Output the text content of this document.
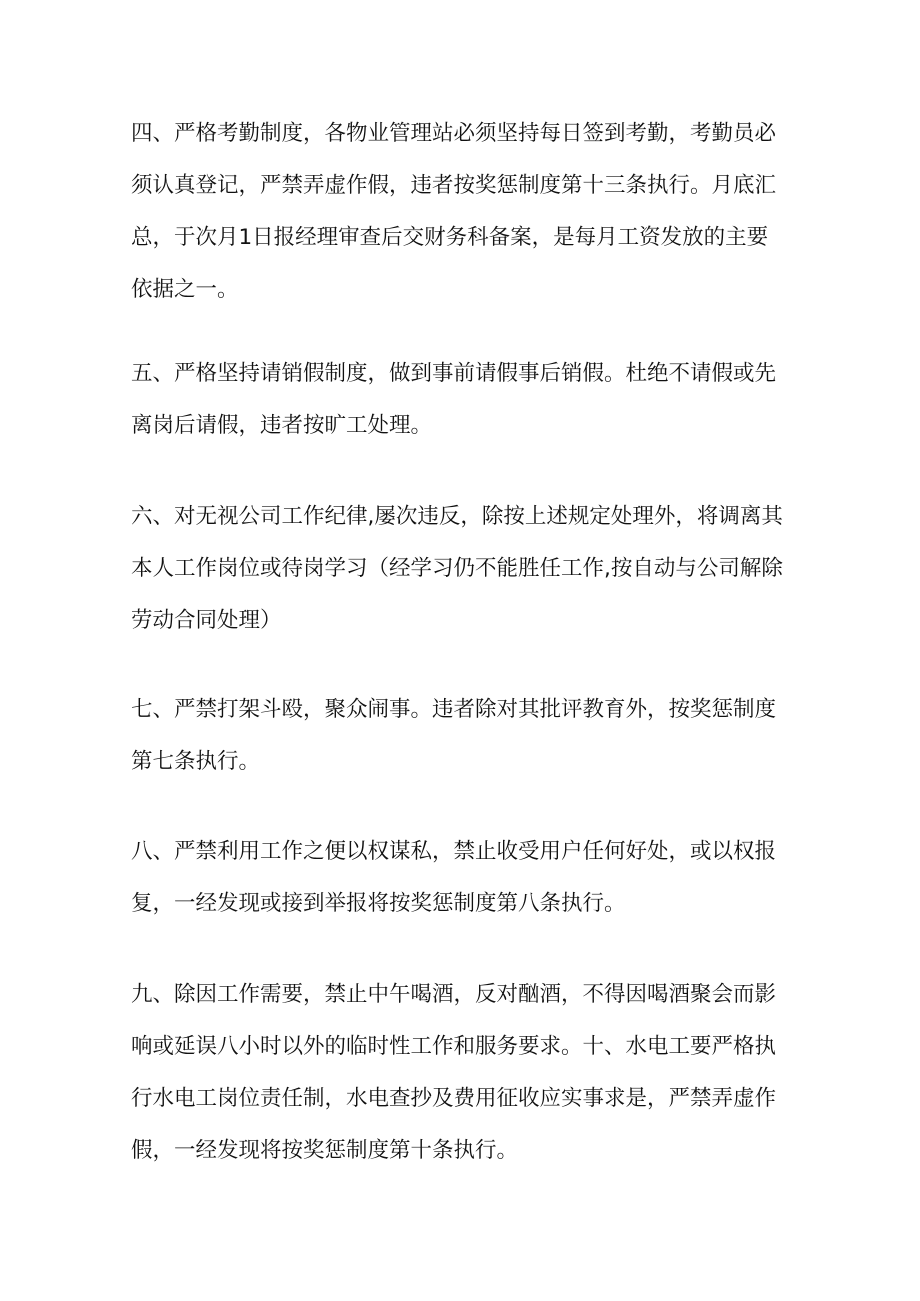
四、严格考勤制度，各物业管理站必须坚持每日签到考勤，考勤员必
须认真登记，严禁弄虚作假，违者按奖惩制度第十三条执行。月底汇
总，于次月1日报经理审查后交财务科备案，是每月工资发放的主要
依据之一。

五、严格坚持请销假制度，做到事前请假事后销假。杜绝不请假或先
离岗后请假，违者按旷工处理。

六、对无视公司工作纪律,屡次违反，除按上述规定处理外，将调离其
本人工作岗位或待岗学习（经学习仍不能胜任工作,按自动与公司解除
劳动合同处理）

七、严禁打架斗殴，聚众闹事。违者除对其批评教育外，按奖惩制度
第七条执行。

八、严禁利用工作之便以权谋私，禁止收受用户任何好处，或以权报
复，一经发现或接到举报将按奖惩制度第八条执行。

九、除因工作需要，禁止中午喝酒，反对酗酒，不得因喝酒聚会而影
响或延误八小时以外的临时性工作和服务要求。十、水电工要严格执
行水电工岗位责任制，水电查抄及费用征收应实事求是，严禁弄虚作
假，一经发现将按奖惩制度第十条执行。
